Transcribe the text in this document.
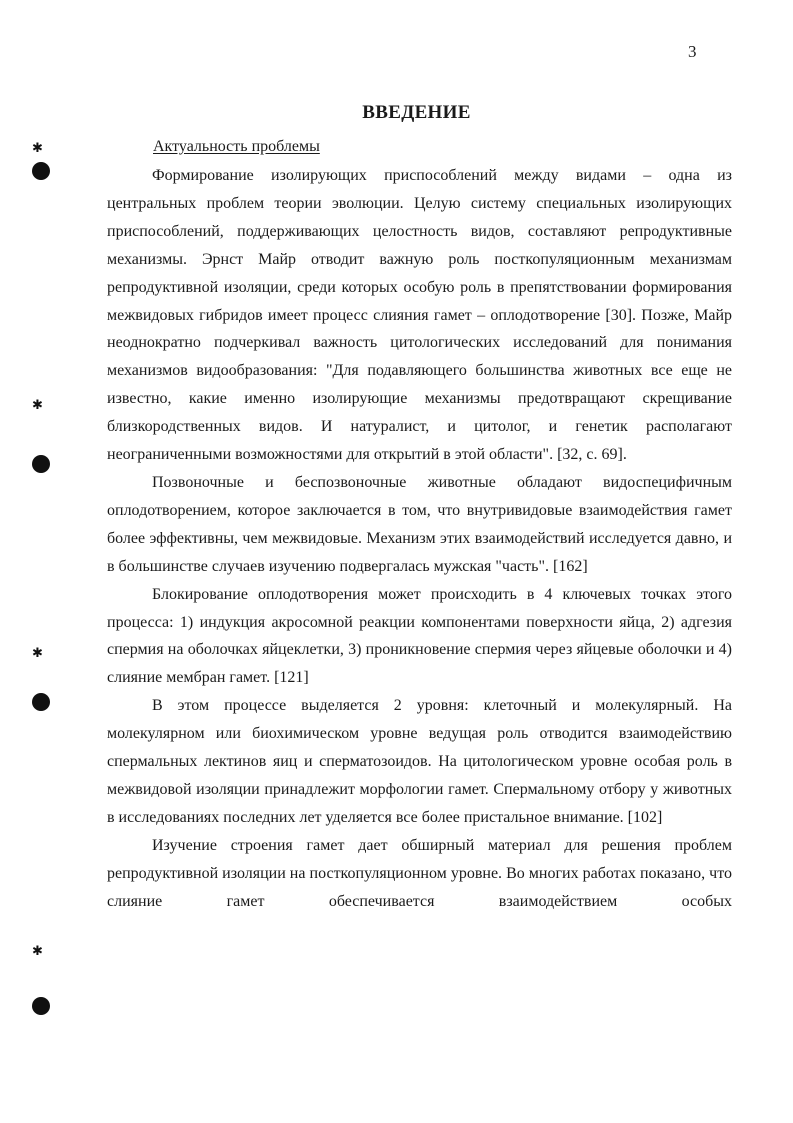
3
ВВЕДЕНИЕ
Актуальность проблемы

Формирование изолирующих приспособлений между видами – одна из центральных проблем теории эволюции. Целую систему специальных изолирующих приспособлений, поддерживающих целостность видов, составляют репродуктивные механизмы. Эрнст Майр отводит важную роль посткопуляционным механизмам репродуктивной изоляции, среди которых особую роль в препятствовании формирования межвидовых гибридов имеет процесс слияния гамет – оплодотворение [30]. Позже, Майр неоднократно подчеркивал важность цитологических исследований для понимания механизмов видообразования: "Для подавляющего большинства животных все еще не известно, какие именно изолирующие механизмы предотвращают скрещивание близкородственных видов. И натуралист, и цитолог, и генетик располагают неограниченными возможностями для открытий в этой области". [32, с. 69].

Позвоночные и беспозвоночные животные обладают видоспецифичным оплодотворением, которое заключается в том, что внутривидовые взаимодействия гамет более эффективны, чем межвидовые. Механизм этих взаимодействий исследуется давно, и в большинстве случаев изучению подвергалась мужская "часть". [162]

Блокирование оплодотворения может происходить в 4 ключевых точках этого процесса: 1) индукция акросомной реакции компонентами поверхности яйца, 2) адгезия спермия на оболочках яйцеклетки, 3) проникновение спермия через яйцевые оболочки и 4) слияние мембран гамет. [121]

В этом процессе выделяется 2 уровня: клеточный и молекулярный. На молекулярном или биохимическом уровне ведущая роль отводится взаимодействию спермальных лектинов яиц и сперматозоидов. На цитологическом уровне особая роль в межвидовой изоляции принадлежит морфологии гамет. Спермальному отбору у животных в исследованиях последних лет уделяется все более пристальное внимание. [102]

Изучение строения гамет дает обширный материал для решения проблем репродуктивной изоляции на посткопуляционном уровне. Во многих работах показано, что слияние гамет обеспечивается взаимодействием особых

✱
✱
✱
✱
